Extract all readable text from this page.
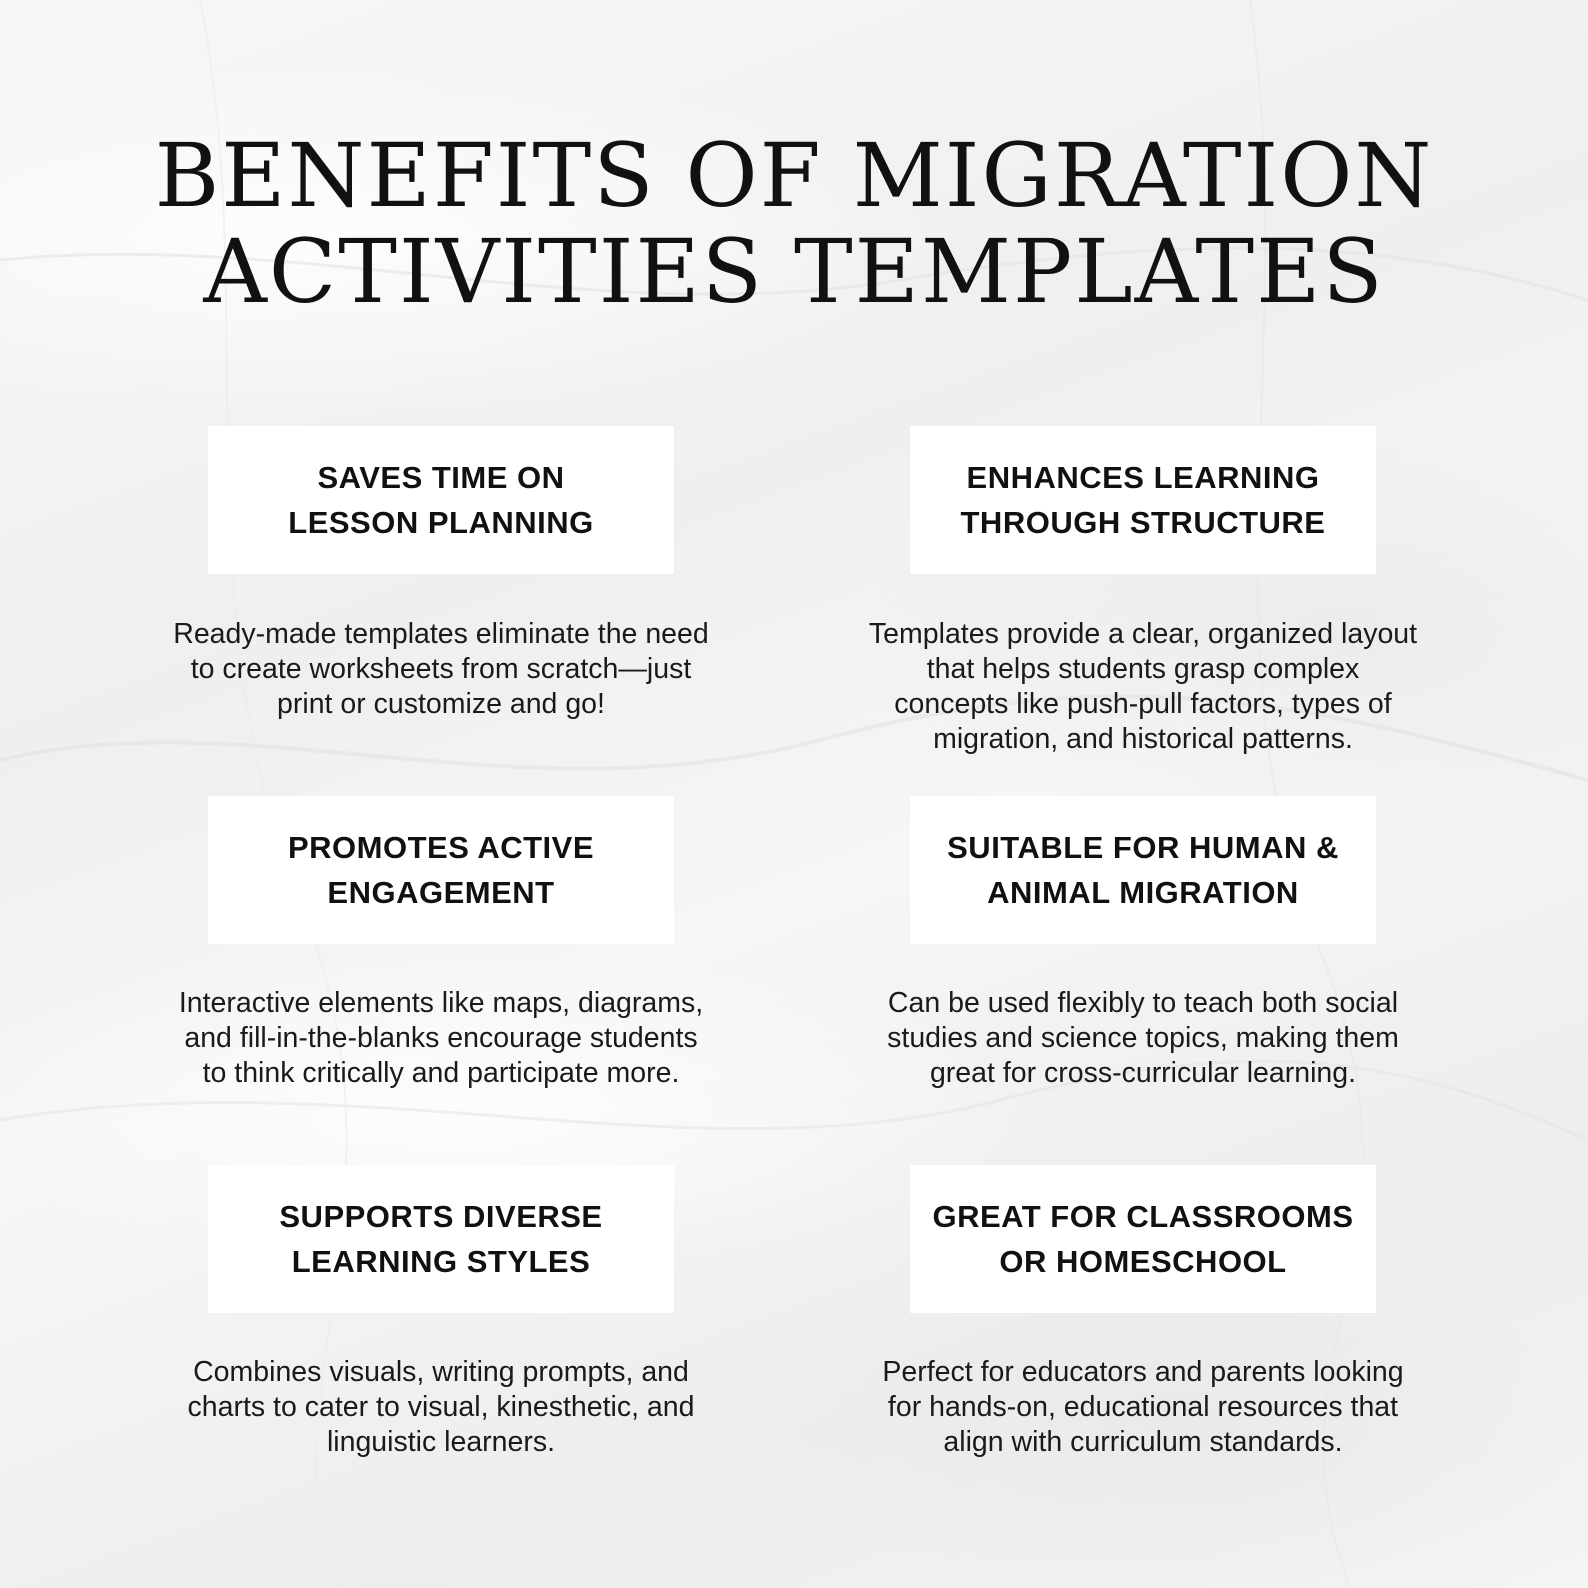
BENEFITS OF MIGRATION
ACTIVITIES TEMPLATES
SAVES TIME ON
LESSON PLANNING
ENHANCES LEARNING
THROUGH STRUCTURE
Ready-made templates eliminate the need
to create worksheets from scratch—just
print or customize and go!
Templates provide a clear, organized layout
that helps students grasp complex
concepts like push-pull factors, types of
migration, and historical patterns.
PROMOTES ACTIVE
ENGAGEMENT
SUITABLE FOR HUMAN &
ANIMAL MIGRATION
Interactive elements like maps, diagrams,
and fill-in-the-blanks encourage students
to think critically and participate more.
Can be used flexibly to teach both social
studies and science topics, making them
great for cross-curricular learning.
SUPPORTS DIVERSE
LEARNING STYLES
GREAT FOR CLASSROOMS
OR HOMESCHOOL
Combines visuals, writing prompts, and
charts to cater to visual, kinesthetic, and
linguistic learners.
Perfect for educators and parents looking
for hands-on, educational resources that
align with curriculum standards.
